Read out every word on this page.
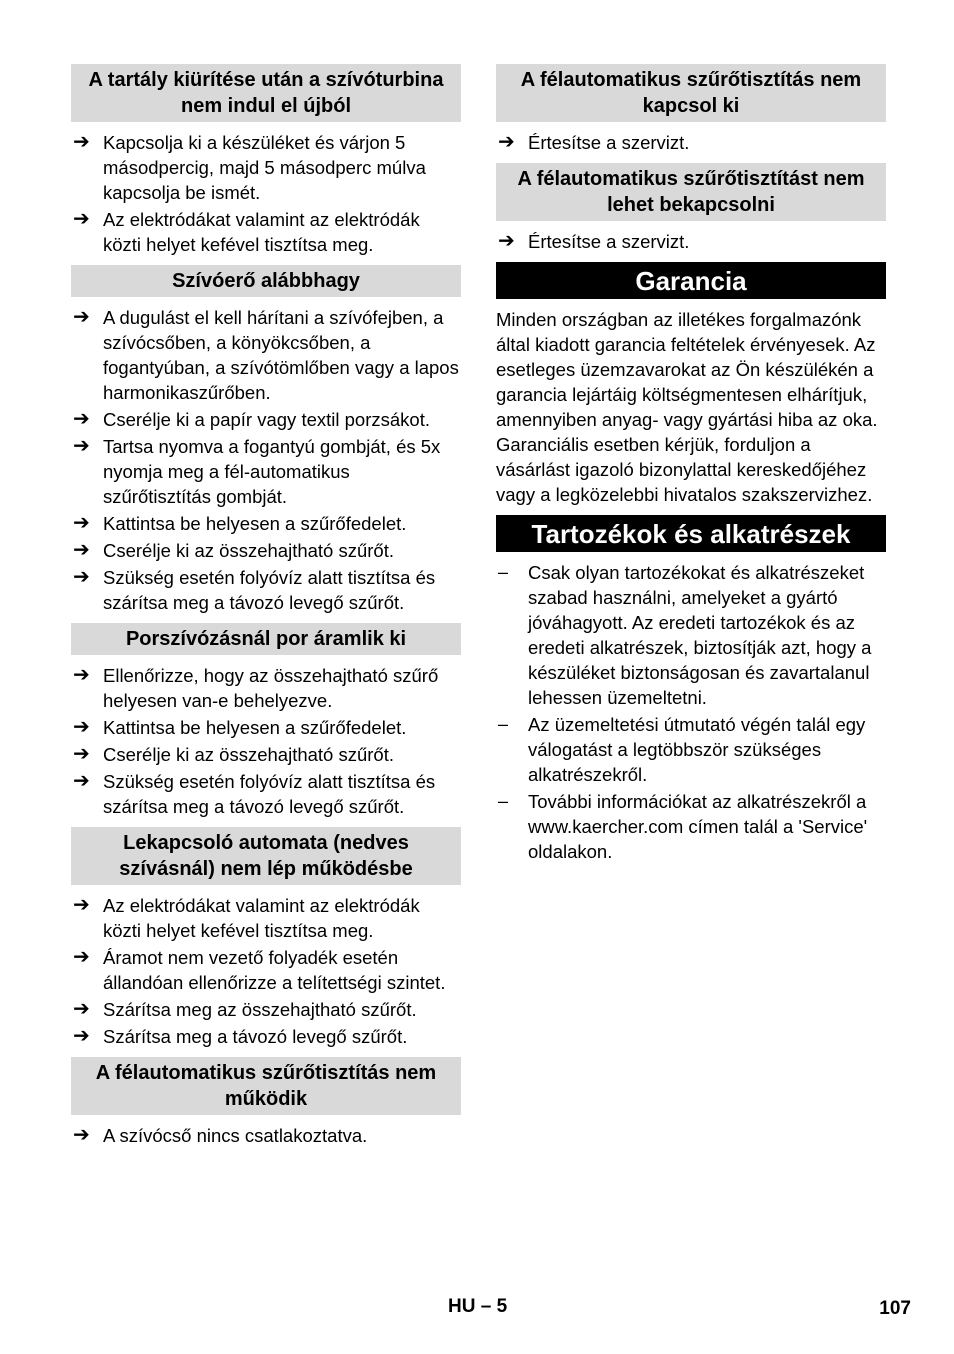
A tartály kiürítése után a szívóturbina nem indul el újból
➔ Kapcsolja ki a készüléket és várjon 5 másodpercig, majd 5 másodperc múlva kapcsolja be ismét.
➔ Az elektródákat valamint az elektródák közti helyet kefével tisztítsa meg.
Szívóerő alábbhagy
➔ A dugulást el kell hárítani a szívófejben, a szívócsőben, a könyökcsőben, a fogantyúban, a szívótömlőben vagy a lapos harmonikaszűrőben.
➔ Cserélje ki a papír vagy textil porzsákot.
➔ Tartsa nyomva a fogantyú gombját, és 5x nyomja meg a fél-automatikus szűrőtisztítás gombját.
➔ Kattintsa be helyesen a szűrőfedelet.
➔ Cserélje ki az összehajtható szűrőt.
➔ Szükség esetén folyóvíz alatt tisztítsa és szárítsa meg a távozó levegő szűrőt.
Porszívózásnál por áramlik ki
➔ Ellenőrizze, hogy az összehajtható szűrő helyesen van-e behelyezve.
➔ Kattintsa be helyesen a szűrőfedelet.
➔ Cserélje ki az összehajtható szűrőt.
➔ Szükség esetén folyóvíz alatt tisztítsa és szárítsa meg a távozó levegő szűrőt.
Lekapcsoló automata (nedves szívásnál) nem lép működésbe
➔ Az elektródákat valamint az elektródák közti helyet kefével tisztítsa meg.
➔ Áramot nem vezető folyadék esetén állandóan ellenőrizze a telítettségi szintet.
➔ Szárítsa meg az összehajtható szűrőt.
➔ Szárítsa meg a távozó levegő szűrőt.
A félautomatikus szűrőtisztítás nem működik
➔ A szívócső nincs csatlakoztatva.
A félautomatikus szűrőtisztítás nem kapcsol ki
➔ Értesítse a szervizt.
A félautomatikus szűrőtisztítást nem lehet bekapcsolni
➔ Értesítse a szervizt.
Garancia

Minden országban az illetékes forgalmazónk által kiadott garancia feltételek érvényesek. Az esetleges üzemzavarokat az Ön készülékén a garancia lejártáig költségmentesen elhárítjuk, amennyiben anyag- vagy gyártási hiba az oka. Garanciális esetben kérjük, forduljon a vásárlást igazoló bizonylattal kereskedőjéhez vagy a legközelebbi hivatalos szakszervizhez.

Tartozékok és alkatrészek
– Csak olyan tartozékokat és alkatrészeket szabad használni, amelyeket a gyártó jóváhagyott. Az eredeti tartozékok és az eredeti alkatrészek, biztosítják azt, hogy a készüléket biztonságosan és zavartalanul lehessen üzemeltetni.
– Az üzemeltetési útmutató végén talál egy válogatást a legtöbbször szükséges alkatrészekről.
– További információkat az alkatrészekről a www.kaercher.com címen talál a 'Service' oldalakon.
HU – 5	107
